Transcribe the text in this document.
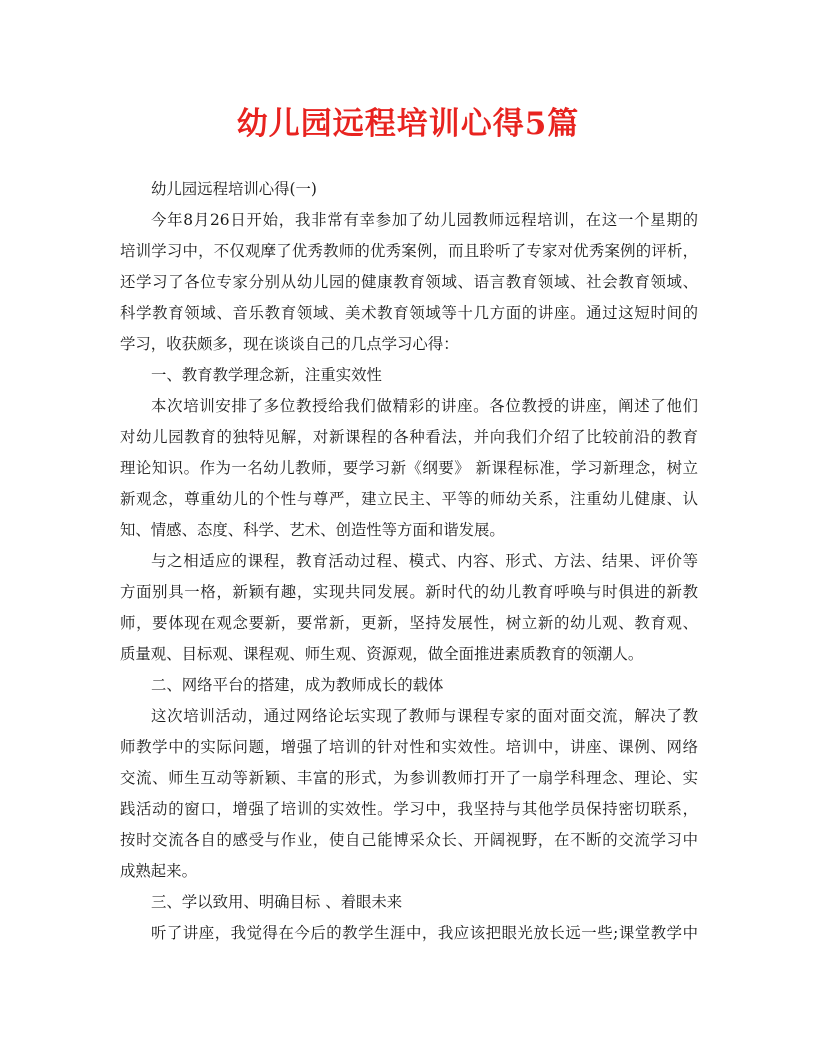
幼儿园远程培训心得5篇
幼儿园远程培训心得(一)
今年8月26日开始，我非常有幸参加了幼儿园教师远程培训，在这一个星期的
培训学习中，不仅观摩了优秀教师的优秀案例，而且聆听了专家对优秀案例的评析，
还学习了各位专家分别从幼儿园的健康教育领域、语言教育领域、社会教育领域、
科学教育领域、音乐教育领域、美术教育领域等十几方面的讲座。通过这短时间的
学习，收获颇多，现在谈谈自己的几点学习心得：
一、教育教学理念新，注重实效性
本次培训安排了多位教授给我们做精彩的讲座。各位教授的讲座，阐述了他们
对幼儿园教育的独特见解，对新课程的各种看法，并向我们介绍了比较前沿的教育
理论知识。作为一名幼儿教师，要学习新《纲要》 新课程标准，学习新理念，树立
新观念，尊重幼儿的个性与尊严，建立民主、平等的师幼关系，注重幼儿健康、认
知、情感、态度、科学、艺术、创造性等方面和谐发展。
与之相适应的课程，教育活动过程、模式、内容、形式、方法、结果、评价等
方面别具一格，新颖有趣，实现共同发展。新时代的幼儿教育呼唤与时俱进的新教
师，要体现在观念要新，要常新，更新，坚持发展性，树立新的幼儿观、教育观、
质量观、目标观、课程观、师生观、资源观，做全面推进素质教育的领潮人。
二、网络平台的搭建，成为教师成长的载体
这次培训活动，通过网络论坛实现了教师与课程专家的面对面交流，解决了教
师教学中的实际问题，增强了培训的针对性和实效性。培训中，讲座、课例、网络
交流、师生互动等新颖、丰富的形式，为参训教师打开了一扇学科理念、理论、实
践活动的窗口，增强了培训的实效性。学习中，我坚持与其他学员保持密切联系，
按时交流各自的感受与作业，使自己能博采众长、开阔视野，在不断的交流学习中
成熟起来。
三、学以致用、明确目标 、着眼未来
听了讲座，我觉得在今后的教学生涯中，我应该把眼光放长远一些;课堂教学中
